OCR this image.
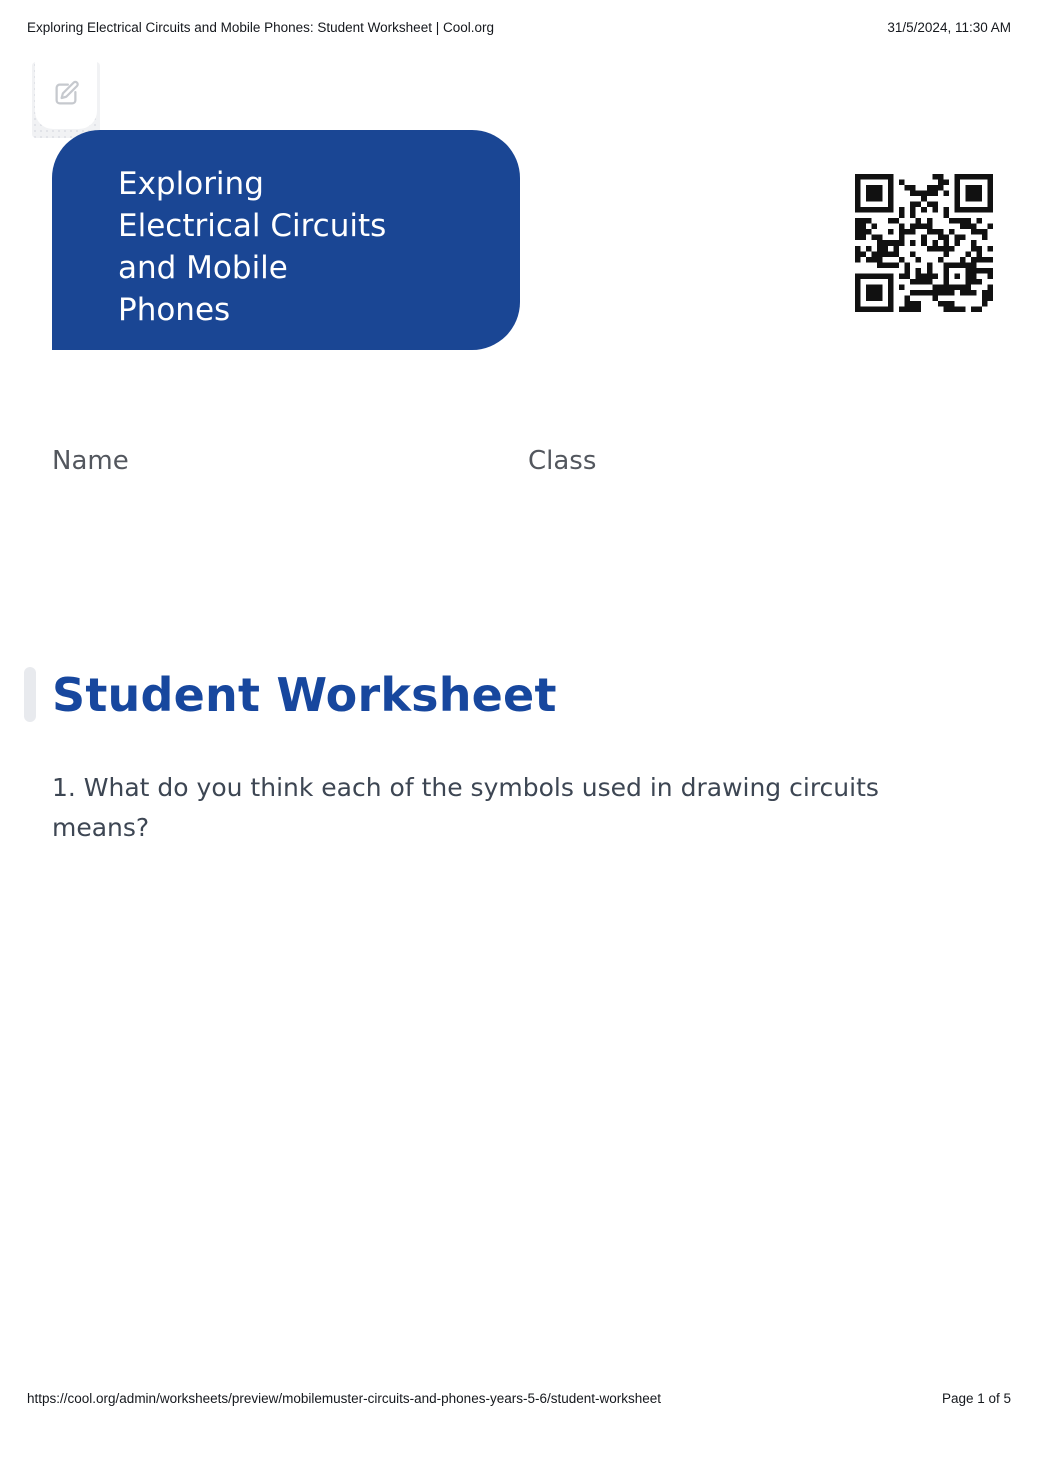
Exploring Electrical Circuits and Mobile Phones: Student Worksheet | Cool.org	31/5/2024, 11:30 AM
Exploring Electrical Circuits and Mobile Phones
Name	Class
Student Worksheet
1. What do you think each of the symbols used in drawing circuits means?
https://cool.org/admin/worksheets/preview/mobilemuster-circuits-and-phones-years-5-6/student-worksheet	Page 1 of 5
